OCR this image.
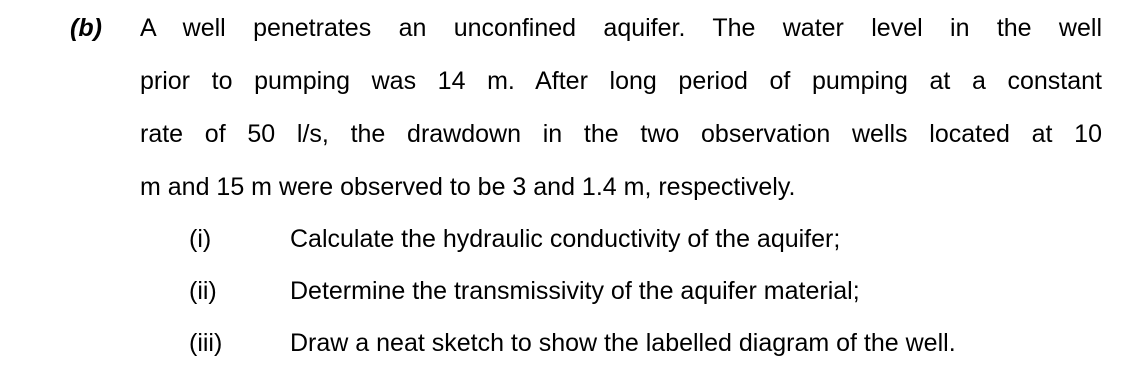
(b) A well penetrates an unconfined aquifer. The water level in the well
prior to pumping was 14 m. After long period of pumping at a constant
rate of 50 l/s, the drawdown in the two observation wells located at 10
m and 15 m were observed to be 3 and 1.4 m, respectively.
(i)	Calculate the hydraulic conductivity of the aquifer;
(ii)	Determine the transmissivity of the aquifer material;
(iii)	Draw a neat sketch to show the labelled diagram of the well.
